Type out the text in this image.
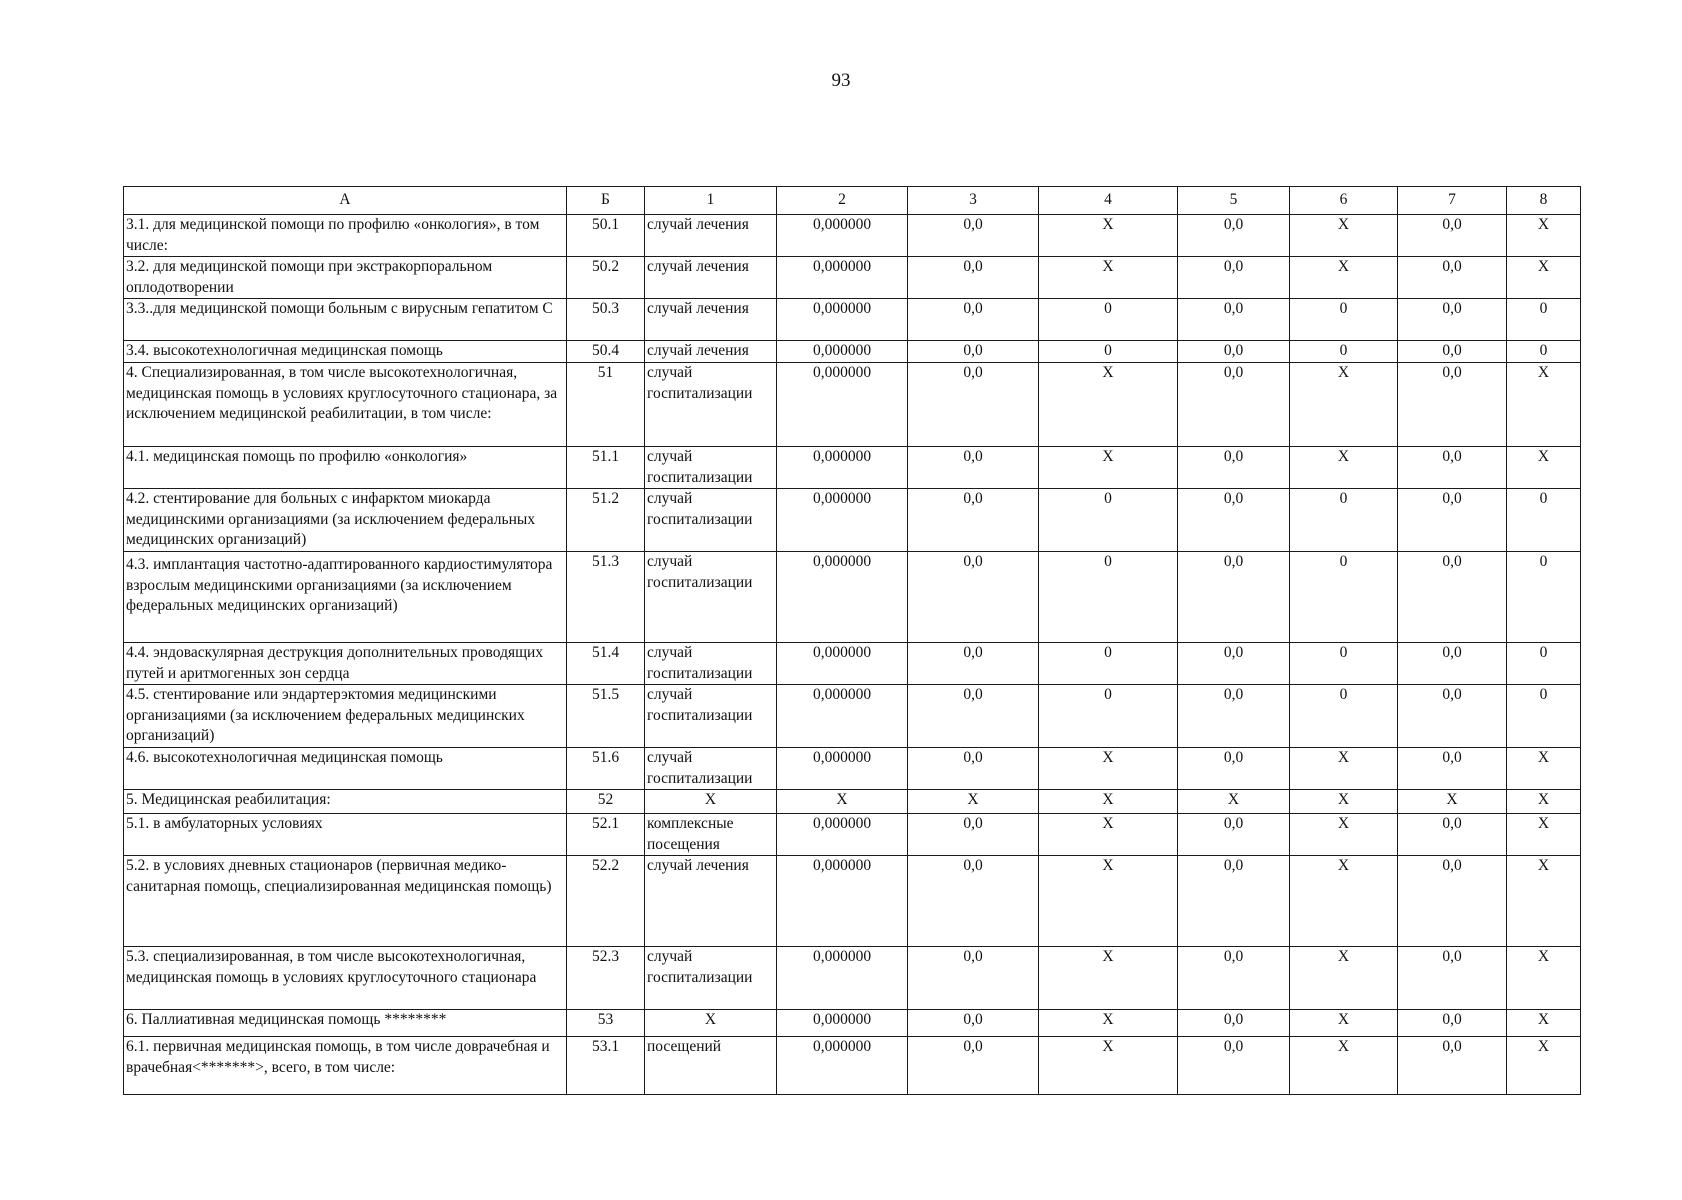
93
А	Б	1	2	3	4	5	6	7	8
3.1. для медицинской помощи по профилю «онкология», в том числе:	50.1	случай лечения	0,000000	0,0	X	0,0	X	0,0	X
3.2. для медицинской помощи при экстракорпоральном оплодотворении	50.2	случай лечения	0,000000	0,0	X	0,0	X	0,0	X
3.3..для медицинской помощи больным с вирусным гепатитом С	50.3	случай лечения	0,000000	0,0	0	0,0	0	0,0	0
3.4. высокотехнологичная медицинская помощь	50.4	случай лечения	0,000000	0,0	0	0,0	0	0,0	0
4. Специализированная, в том числе высокотехнологичная, медицинская помощь в условиях круглосуточного стационара, за исключением медицинской реабилитации, в том числе:	51	случай госпитализации	0,000000	0,0	X	0,0	X	0,0	X
4.1. медицинская помощь по профилю «онкология»	51.1	случай госпитализации	0,000000	0,0	X	0,0	X	0,0	X
4.2. стентирование для больных с инфарктом миокарда медицинскими организациями (за исключением федеральных медицинских организаций)	51.2	случай госпитализации	0,000000	0,0	0	0,0	0	0,0	0
4.3. имплантация частотно-адаптированного кардиостимулятора взрослым медицинскими организациями (за исключением федеральных медицинских организаций)	51.3	случай госпитализации	0,000000	0,0	0	0,0	0	0,0	0
4.4. эндоваскулярная деструкция дополнительных проводящих путей и аритмогенных зон сердца	51.4	случай госпитализации	0,000000	0,0	0	0,0	0	0,0	0
4.5. стентирование или эндартерэктомия медицинскими организациями (за исключением федеральных медицинских организаций)	51.5	случай госпитализации	0,000000	0,0	0	0,0	0	0,0	0
4.6. высокотехнологичная медицинская помощь	51.6	случай госпитализации	0,000000	0,0	X	0,0	X	0,0	X
5. Медицинская реабилитация:	52	X	X	X	X	X	X	X	X
5.1. в амбулаторных условиях	52.1	комплексные посещения	0,000000	0,0	X	0,0	X	0,0	X
5.2. в условиях дневных стационаров (первичная медико-санитарная помощь, специализированная медицинская помощь)	52.2	случай лечения	0,000000	0,0	X	0,0	X	0,0	X
5.3. специализированная, в том числе высокотехнологичная, медицинская помощь в условиях круглосуточного стационара	52.3	случай госпитализации	0,000000	0,0	X	0,0	X	0,0	X
6. Паллиативная медицинская помощь ********	53	X	0,000000	0,0	X	0,0	X	0,0	X
6.1. первичная медицинская помощь, в том числе доврачебная и врачебная<*******>, всего, в том числе:	53.1	посещений	0,000000	0,0	X	0,0	X	0,0	X
